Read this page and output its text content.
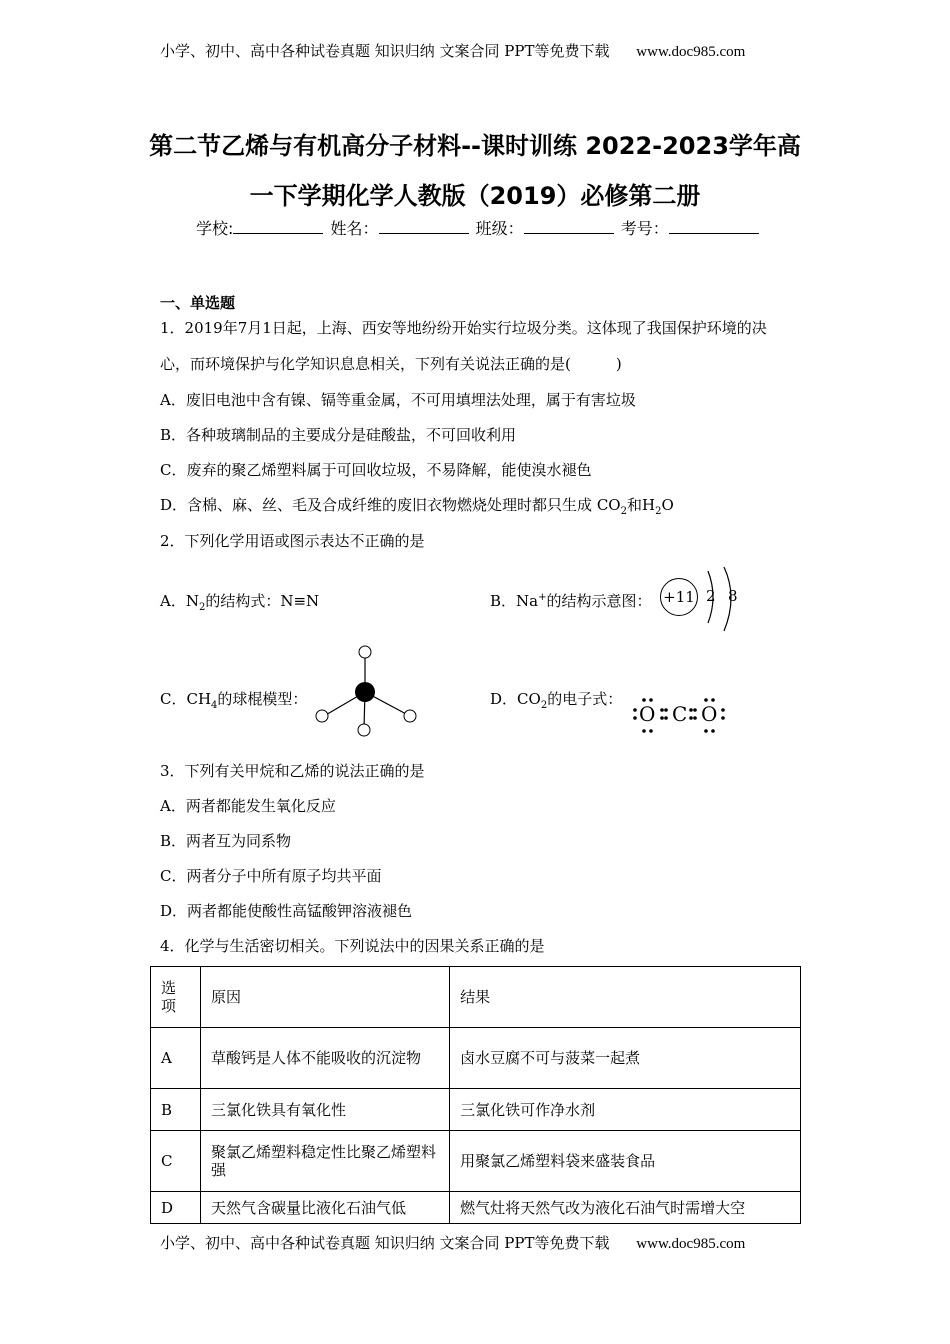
小学、初中、高中各种试卷真题 知识归纳 文案合同 PPT等免费下载 www.doc985.com
第二节乙烯与有机高分子材料--课时训练 2022-2023学年高
一下学期化学人教版（2019）必修第二册
学校:	姓名：	班级：	考号：
一、单选题
1．2019年7月1日起，上海、西安等地纷纷开始实行垃圾分类。这体现了我国保护环境的决心，而环境保护与化学知识息息相关，下列有关说法正确的是(　　　)
A．废旧电池中含有镍、镉等重金属，不可用填埋法处理，属于有害垃圾
B．各种玻璃制品的主要成分是硅酸盐，不可回收利用
C．废弃的聚乙烯塑料属于可回收垃圾，不易降解，能使溴水褪色
D．含棉、麻、丝、毛及合成纤维的废旧衣物燃烧处理时都只生成 $CO_2$和$H_2O$
2．下列化学用语或图示表达不正确的是
A．$N_2$的结构式：N≡N	B．Na+的结构示意图： +11 2 8
C．$CH_4$的球棍模型：	D．$CO_2$的电子式：
O C O
3．下列有关甲烷和乙烯的说法正确的是
A．两者都能发生氧化反应
B．两者互为同系物
C．两者分子中所有原子均共平面
D．两者都能使酸性高锰酸钾溶液褪色
4．化学与生活密切相关。下列说法中的因果关系正确的是
选项	原因	结果
A	草酸钙是人体不能吸收的沉淀物	卤水豆腐不可与菠菜一起煮
B	三氯化铁具有氧化性	三氯化铁可作净水剂
C	聚氯乙烯塑料稳定性比聚乙烯塑料强	用聚氯乙烯塑料袋来盛装食品
D	天然气含碳量比液化石油气低	燃气灶将天然气改为液化石油气时需增大空
小学、初中、高中各种试卷真题 知识归纳 文案合同 PPT等免费下载 www.doc985.com
